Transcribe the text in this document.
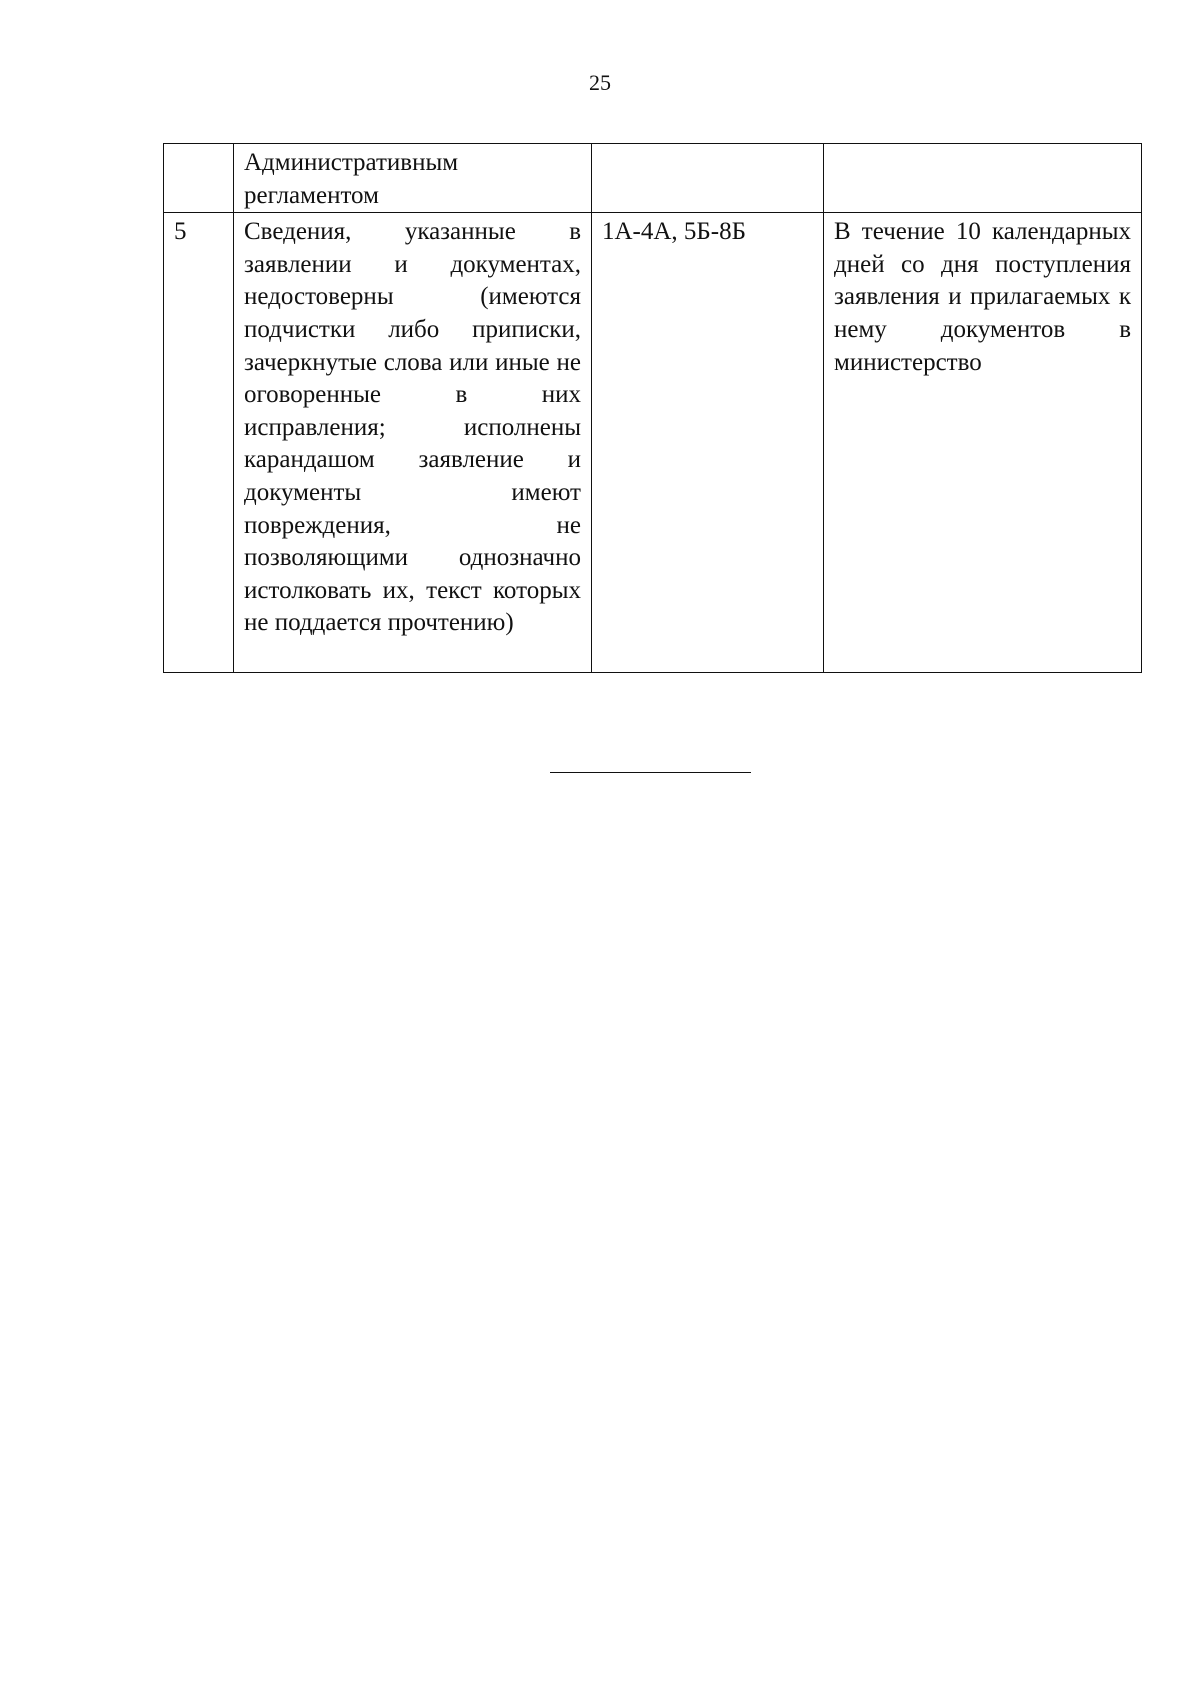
25
	Административным регламентом		
5	Сведения, указанные в заявлении и документах, недостоверны (имеются подчистки либо приписки, зачеркнутые слова или иные не оговоренные в них исправления; исполнены карандашом заявление и документы имеют повреждения, не позволяющими однозначно истолковать их, текст которых не поддается прочтению)	1А-4А, 5Б-8Б	В течение 10 календарных дней со дня поступления заявления и прилагаемых к нему документов в министерство
